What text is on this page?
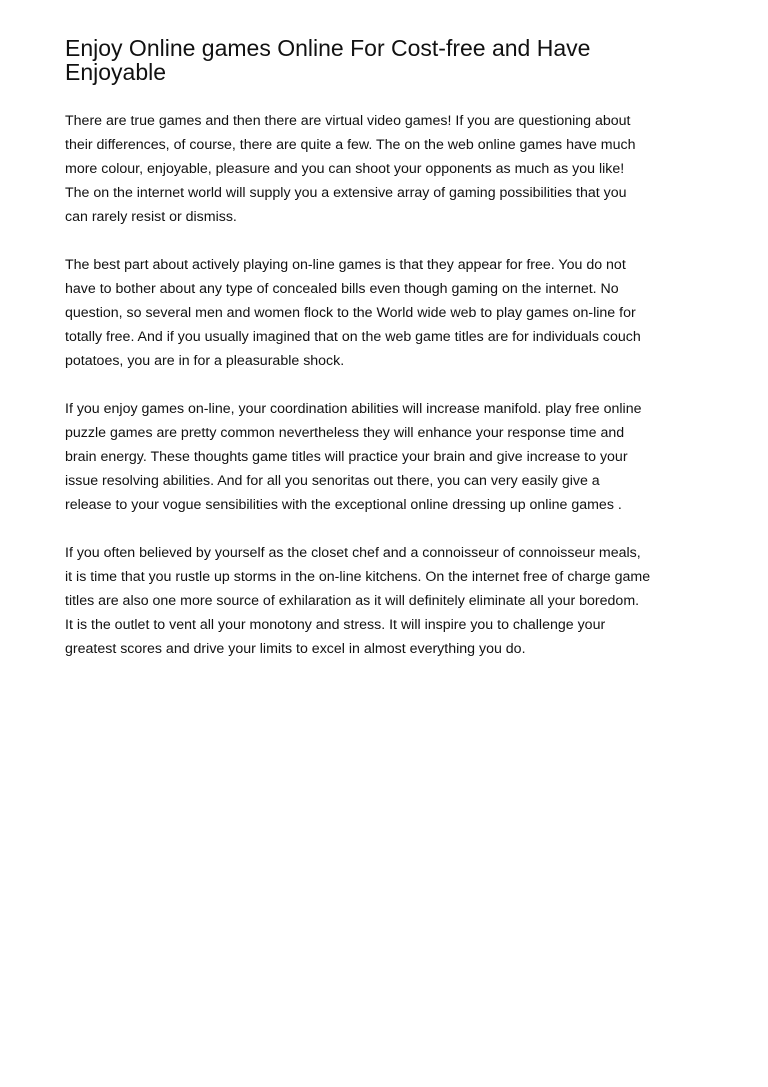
Enjoy Online games Online For Cost-free and Have
Enjoyable

There are true games and then there are virtual video games! If you are questioning about
their differences, of course, there are quite a few. The on the web online games have much
more colour, enjoyable, pleasure and you can shoot your opponents as much as you like!
The on the internet world will supply you a extensive array of gaming possibilities that you
can rarely resist or dismiss.

The best part about actively playing on-line games is that they appear for free. You do not
have to bother about any type of concealed bills even though gaming on the internet. No
question, so several men and women flock to the World wide web to play games on-line for
totally free. And if you usually imagined that on the web game titles are for individuals couch
potatoes, you are in for a pleasurable shock.

If you enjoy games on-line, your coordination abilities will increase manifold. play free online
puzzle games are pretty common nevertheless they will enhance your response time and
brain energy. These thoughts game titles will practice your brain and give increase to your
issue resolving abilities. And for all you senoritas out there, you can very easily give a
release to your vogue sensibilities with the exceptional online dressing up online games .

If you often believed by yourself as the closet chef and a connoisseur of connoisseur meals,
it is time that you rustle up storms in the on-line kitchens. On the internet free of charge game
titles are also one more source of exhilaration as it will definitely eliminate all your boredom.
It is the outlet to vent all your monotony and stress. It will inspire you to challenge your
greatest scores and drive your limits to excel in almost everything you do.
